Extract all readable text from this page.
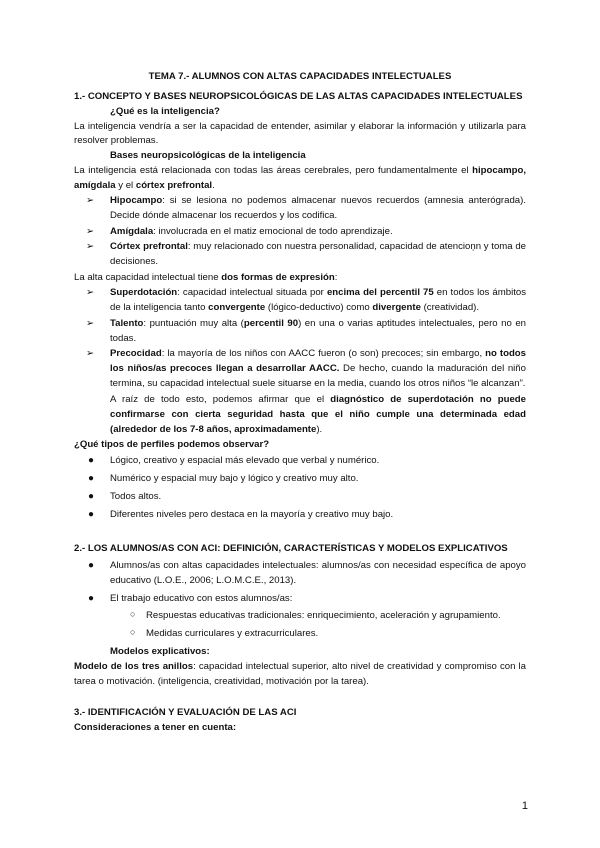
TEMA 7.- ALUMNOS CON ALTAS CAPACIDADES INTELECTUALES
1.- CONCEPTO Y BASES NEUROPSICOLÓGICAS DE LAS ALTAS CAPACIDADES INTELECTUALES
¿Qué es la inteligencia?

La inteligencia vendría a ser la capacidad de entender, asimilar y elaborar la información y utilizarla para resolver problemas.

Bases neuropsicológicas de la inteligencia

La inteligencia está relacionada con todas las áreas cerebrales, pero fundamentalmente el hipocampo, amígdala y el córtex prefrontal.

➢ Hipocampo: si se lesiona no podemos almacenar nuevos recuerdos (amnesia anterógrada). Decide dónde almacenar los recuerdos y los codifica.
➢ Amígdala: involucrada en el matiz emocional de todo aprendizaje.
➢ Córtex prefrontal: muy relacionado con nuestra personalidad, capacidad de atencioņn y toma de decisiones.

La alta capacidad intelectual tiene dos formas de expresión:

➢ Superdotación: capacidad intelectual situada por encima del percentil 75 en todos los ámbitos de la inteligencia tanto convergente (lógico-deductivo) como divergente (creatividad).
➢ Talento: puntuación muy alta (percentil 90) en una o varias aptitudes intelectuales, pero no en todas.
➢ Precocidad: la mayoría de los niños con AACC fueron (o son) precoces; sin embargo, no todos los niños/as precoces llegan a desarrollar AACC. De hecho, cuando la maduración del niño termina, su capacidad intelectual suele situarse en la media, cuando los otros niños “le alcanzan”.

A raíz de todo esto, podemos afirmar que el diagnóstico de superdotación no puede confirmarse con cierta seguridad hasta que el niño cumple una determinada edad (alrededor de los 7-8 años, aproximadamente).

¿Qué tipos de perfiles podemos observar?
● Lógico, creativo y espacial más elevado que verbal y numérico.
● Numérico y espacial muy bajo y lógico y creativo muy alto.
● Todos altos.
● Diferentes niveles pero destaca en la mayoría y creativo muy bajo.
2.- LOS ALUMNOS/AS CON ACI: DEFINICIÓN, CARACTERÍSTICAS Y MODELOS EXPLICATIVOS
● Alumnos/as con altas capacidades intelectuales: alumnos/as con necesidad específica de apoyo educativo (L.O.E., 2006; L.O.M.C.E., 2013).
● El trabajo educativo con estos alumnos/as:
○ Respuestas educativas tradicionales: enriquecimiento, aceleración y agrupamiento.
○ Medidas curriculares y extracurriculares.
Modelos explicativos:

Modelo de los tres anillos: capacidad intelectual superior, alto nivel de creatividad y compromiso con la tarea o motivación. (inteligencia, creatividad, motivación por la tarea).

3.- IDENTIFICACIÓN Y EVALUACIÓN DE LAS ACI
Consideraciones a tener en cuenta:
1
